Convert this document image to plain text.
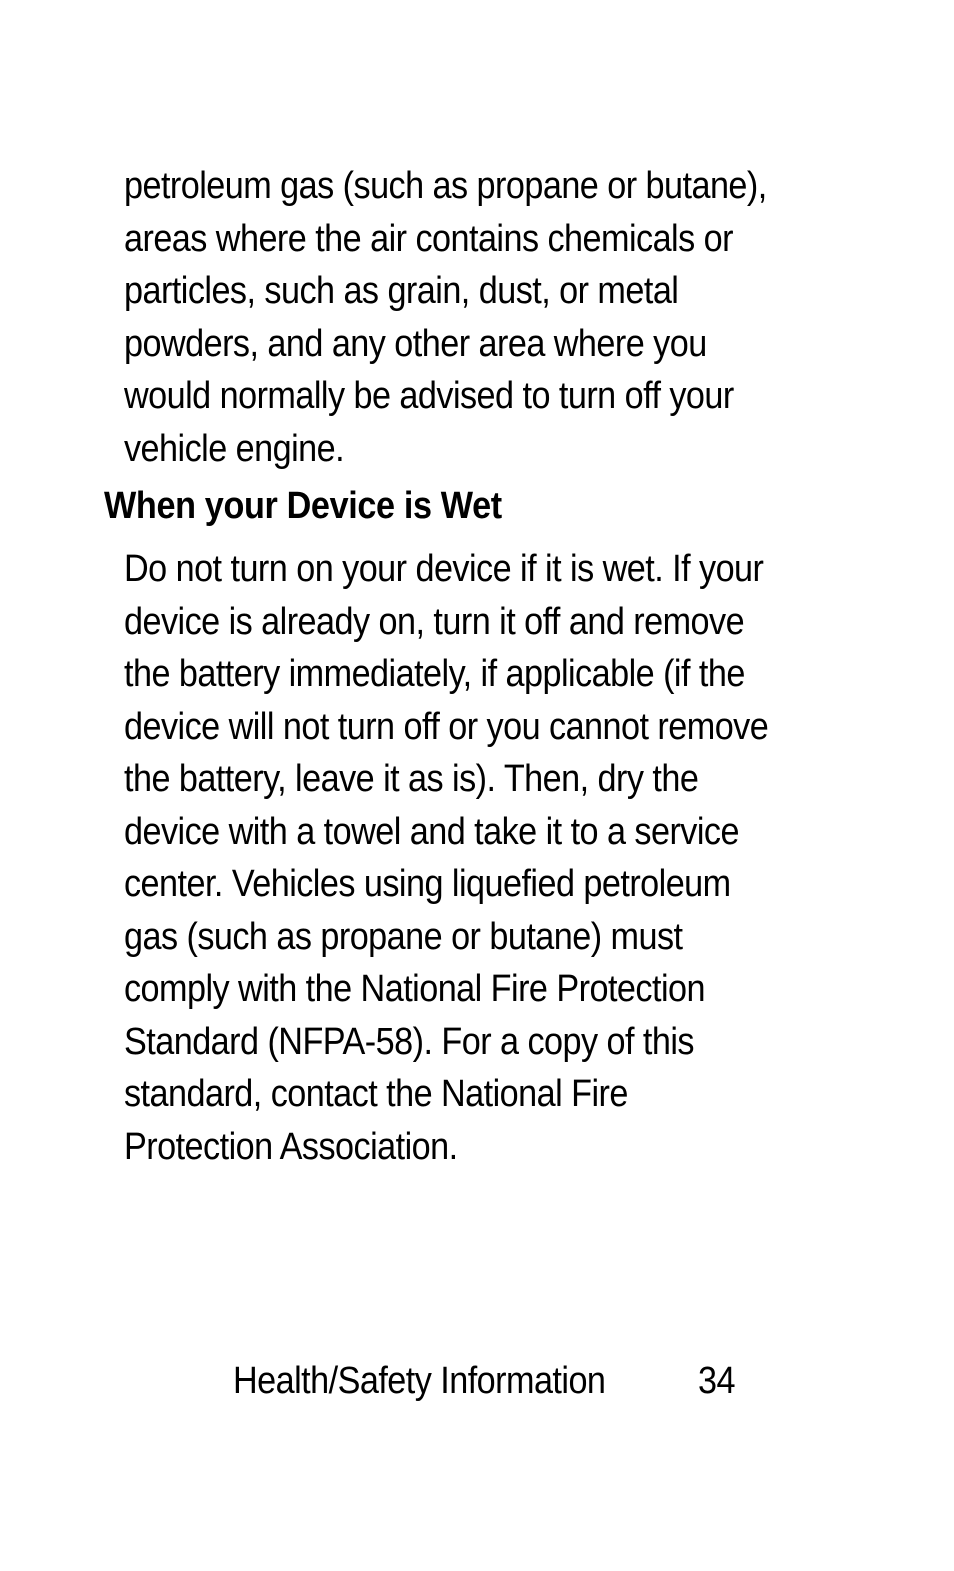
petroleum gas (such as propane or butane),
areas where the air contains chemicals or
particles, such as grain, dust, or metal
powders, and any other area where you
would normally be advised to turn off your
vehicle engine.
When your Device is Wet
Do not turn on your device if it is wet. If your
device is already on, turn it off and remove
the battery immediately, if applicable (if the
device will not turn off or you cannot remove
the battery, leave it as is). Then, dry the
device with a towel and take it to a service
center. Vehicles using liquefied petroleum
gas (such as propane or butane) must
comply with the National Fire Protection
Standard (NFPA-58). For a copy of this
standard, contact the National Fire
Protection Association.
Health/Safety Information 34
